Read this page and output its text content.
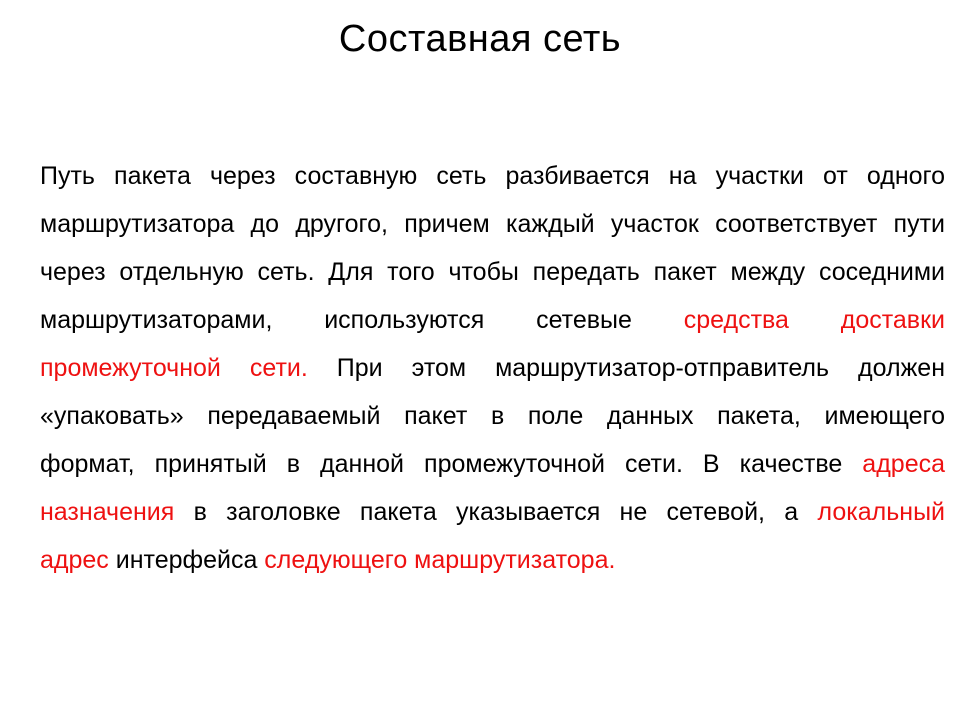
Составная сеть
Путь пакета через составную сеть разбивается на участки от одного
маршрутизатора до другого, причем каждый участок соответствует пути
через отдельную сеть. Для того чтобы передать пакет между соседними
маршрутизаторами, используются сетевые средства доставки
промежуточной сети. При этом маршрутизатор-отправитель должен
«упаковать» передаваемый пакет в поле данных пакета, имеющего
формат, принятый в данной промежуточной сети. В качестве адреса
назначения в заголовке пакета указывается не сетевой, а локальный
адрес интерфейса следующего маршрутизатора.
